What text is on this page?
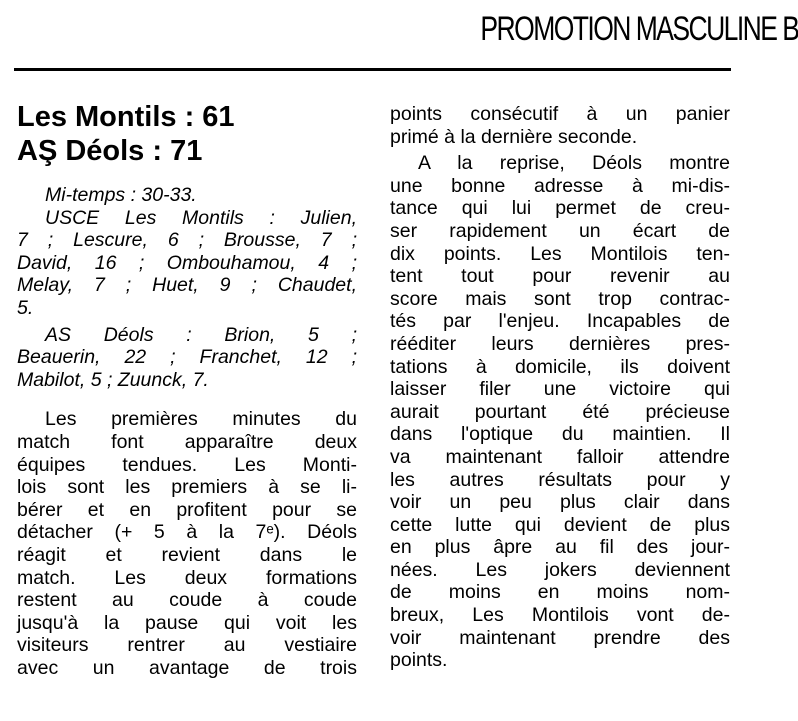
PROMOTION MASCULINE B
Les Montils : 61
AŞ Déols : 71
Mi-temps : 30-33.
USCE Les Montils : Julien,
7 ; Lescure, 6 ; Brousse, 7 ;
David, 16 ; Ombouhamou, 4 ;
Melay, 7 ; Huet, 9 ; Chaudet,
5.
AS Déols : Brion, 5 ;
Beauerin, 22 ; Franchet, 12 ;
Mabilot, 5 ; Zuunck, 7.
Les premières minutes du
match font apparaître deux
équipes tendues. Les Monti-
lois sont les premiers à se li-
bérer et en profitent pour se
détacher (+ 5 à la 7ᵉ). Déols
réagit et revient dans le
match. Les deux formations
restent au coude à coude
jusqu'à la pause qui voit les
visiteurs rentrer au vestiaire
avec un avantage de trois
points consécutif à un panier
primé à la dernière seconde.
A la reprise, Déols montre
une bonne adresse à mi-dis-
tance qui lui permet de creu-
ser rapidement un écart de
dix points. Les Montilois ten-
tent tout pour revenir au
score mais sont trop contrac-
tés par l'enjeu. Incapables de
rééditer leurs dernières pres-
tations à domicile, ils doivent
laisser filer une victoire qui
aurait pourtant été précieuse
dans l'optique du maintien. Il
va maintenant falloir attendre
les autres résultats pour y
voir un peu plus clair dans
cette lutte qui devient de plus
en plus âpre au fil des jour-
nées. Les jokers deviennent
de moins en moins nom-
breux, Les Montilois vont de-
voir maintenant prendre des
points.
